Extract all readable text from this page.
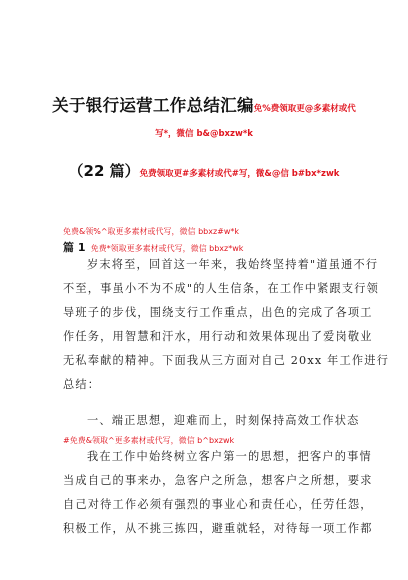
关于银行运营工作总结汇编免%费领取更@多素材或代
写*，微信 b&@bxzw*k
（22 篇）免费领取更#多素材或代#写，微&@信 b#bx*zwk
免费&领%^取更多素材或代写，微信 bbxz#w*k
篇 1 免费*领取更多素材或代写，微信 bbxz*wk
岁末将至，回首这一年来，我始终坚持着"道虽通不行
不至，事虽小不为不成"的人生信条，在工作中紧跟支行领
导班子的步伐，围绕支行工作重点，出色的完成了各项工
作任务，用智慧和汗水，用行动和效果体现出了爱岗敬业
无私奉献的精神。下面我从三方面对自己 20xx 年工作进行
总结：
一、端正思想，迎难而上，时刻保持高效工作状态
#免费&领取^更多素材或代写，微信 b^bxzwk
我在工作中始终树立客户第一的思想，把客户的事情
当成自己的事来办，急客户之所急，想客户之所想，要求
自己对待工作必须有强烈的事业心和责任心，任劳任怨，
积极工作，从不挑三拣四，避重就轻，对待每一项工作都
